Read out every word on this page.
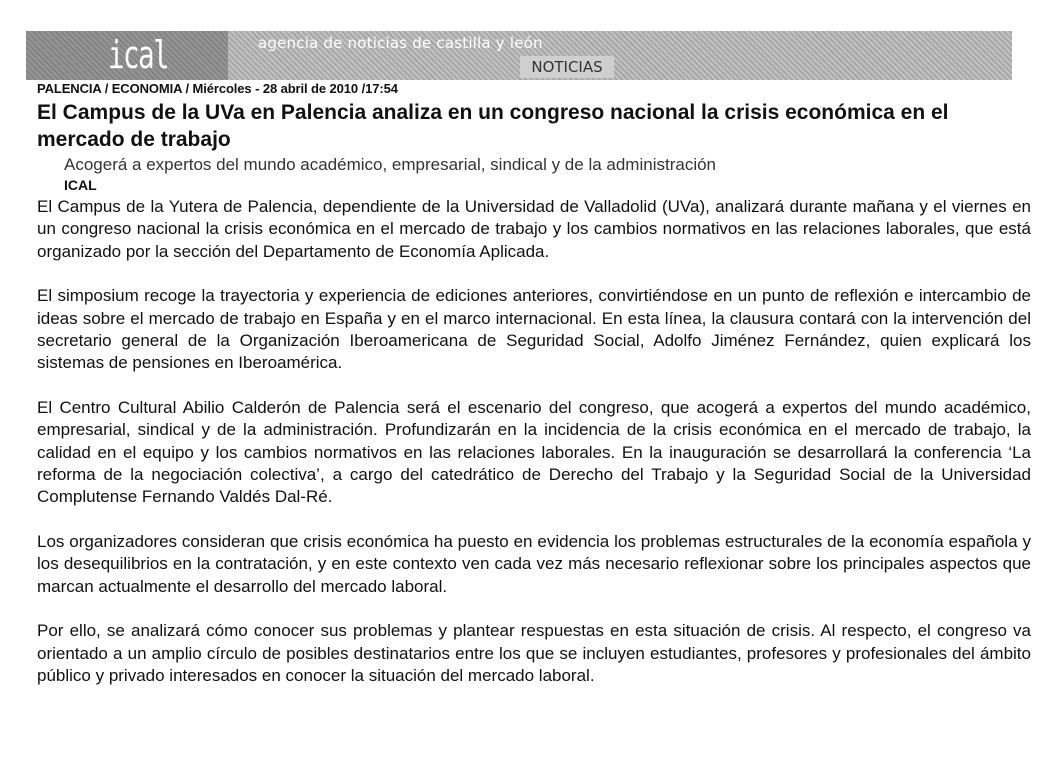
ical	agencia de noticias de castilla y león
NOTICIAS
PALENCIA / ECONOMIA / Miércoles - 28 abril de 2010 /17:54
El Campus de la UVa en Palencia analiza en un congreso nacional la crisis económica en el mercado de trabajo
Acogerá a expertos del mundo académico, empresarial, sindical y de la administración
ICAL

El Campus de la Yutera de Palencia, dependiente de la Universidad de Valladolid (UVa), analizará durante mañana y el viernes en un congreso nacional la crisis económica en el mercado de trabajo y los cambios normativos en las relaciones laborales, que está organizado por la sección del Departamento de Economía Aplicada.

El simposium recoge la trayectoria y experiencia de ediciones anteriores, convirtiéndose en un punto de reflexión e intercambio de ideas sobre el mercado de trabajo en España y en el marco internacional. En esta línea, la clausura contará con la intervención del secretario general de la Organización Iberoamericana de Seguridad Social, Adolfo Jiménez Fernández, quien explicará los sistemas de pensiones en Iberoamérica.

El Centro Cultural Abilio Calderón de Palencia será el escenario del congreso, que acogerá a expertos del mundo académico, empresarial, sindical y de la administración. Profundizarán en la incidencia de la crisis económica en el mercado de trabajo, la calidad en el equipo y los cambios normativos en las relaciones laborales. En la inauguración se desarrollará la conferencia ‘La reforma de la negociación colectiva’, a cargo del catedrático de Derecho del Trabajo y la Seguridad Social de la Universidad Complutense Fernando Valdés Dal-Ré.

Los organizadores consideran que crisis económica ha puesto en evidencia los problemas estructurales de la economía española y los desequilibrios en la contratación, y en este contexto ven cada vez más necesario reflexionar sobre los principales aspectos que marcan actualmente el desarrollo del mercado laboral.

Por ello, se analizará cómo conocer sus problemas y plantear respuestas en esta situación de crisis. Al respecto, el congreso va orientado a un amplio círculo de posibles destinatarios entre los que se incluyen estudiantes, profesores y profesionales del ámbito público y privado interesados en conocer la situación del mercado laboral.
